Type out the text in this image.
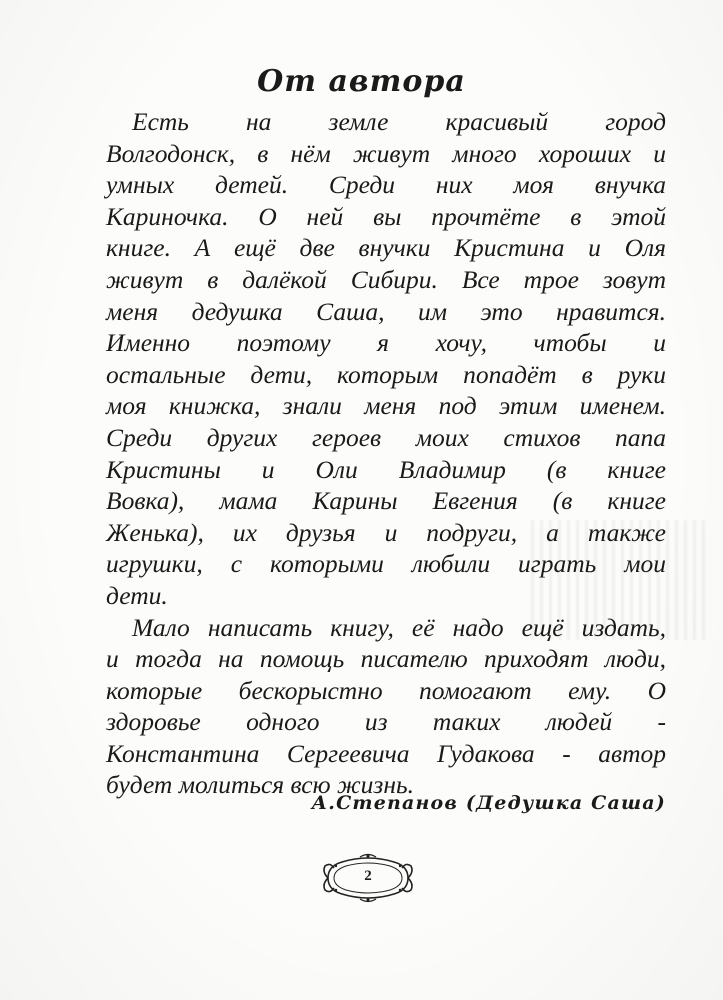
От автора
Есть на земле красивый город
Волгодонск, в нём живут много хороших и
умных детей. Среди них моя внучка
Кариночка. О ней вы прочтёте в этой
книге. А ещё две внучки Кристина и Оля
живут в далёкой Сибири. Все трое зовут
меня дедушка Саша, им это нравится.
Именно поэтому я хочу, чтобы и
остальные дети, которым попадёт в руки
моя книжка, знали меня под этим именем.
Среди других героев моих стихов папа
Кристины и Оли Владимир (в книге
Вовка), мама Карины Евгения (в книге
Женька), их друзья и подруги, а также
игрушки, с которыми любили играть мои
дети.
Мало написать книгу, её надо ещё издать,
и тогда на помощь писателю приходят люди,
которые бескорыстно помогают ему. О
здоровье одного из таких людей -
Константина Сергеевича Гудакова - автор
будет молиться всю жизнь.
А.Степанов (Дедушка Саша)
2
